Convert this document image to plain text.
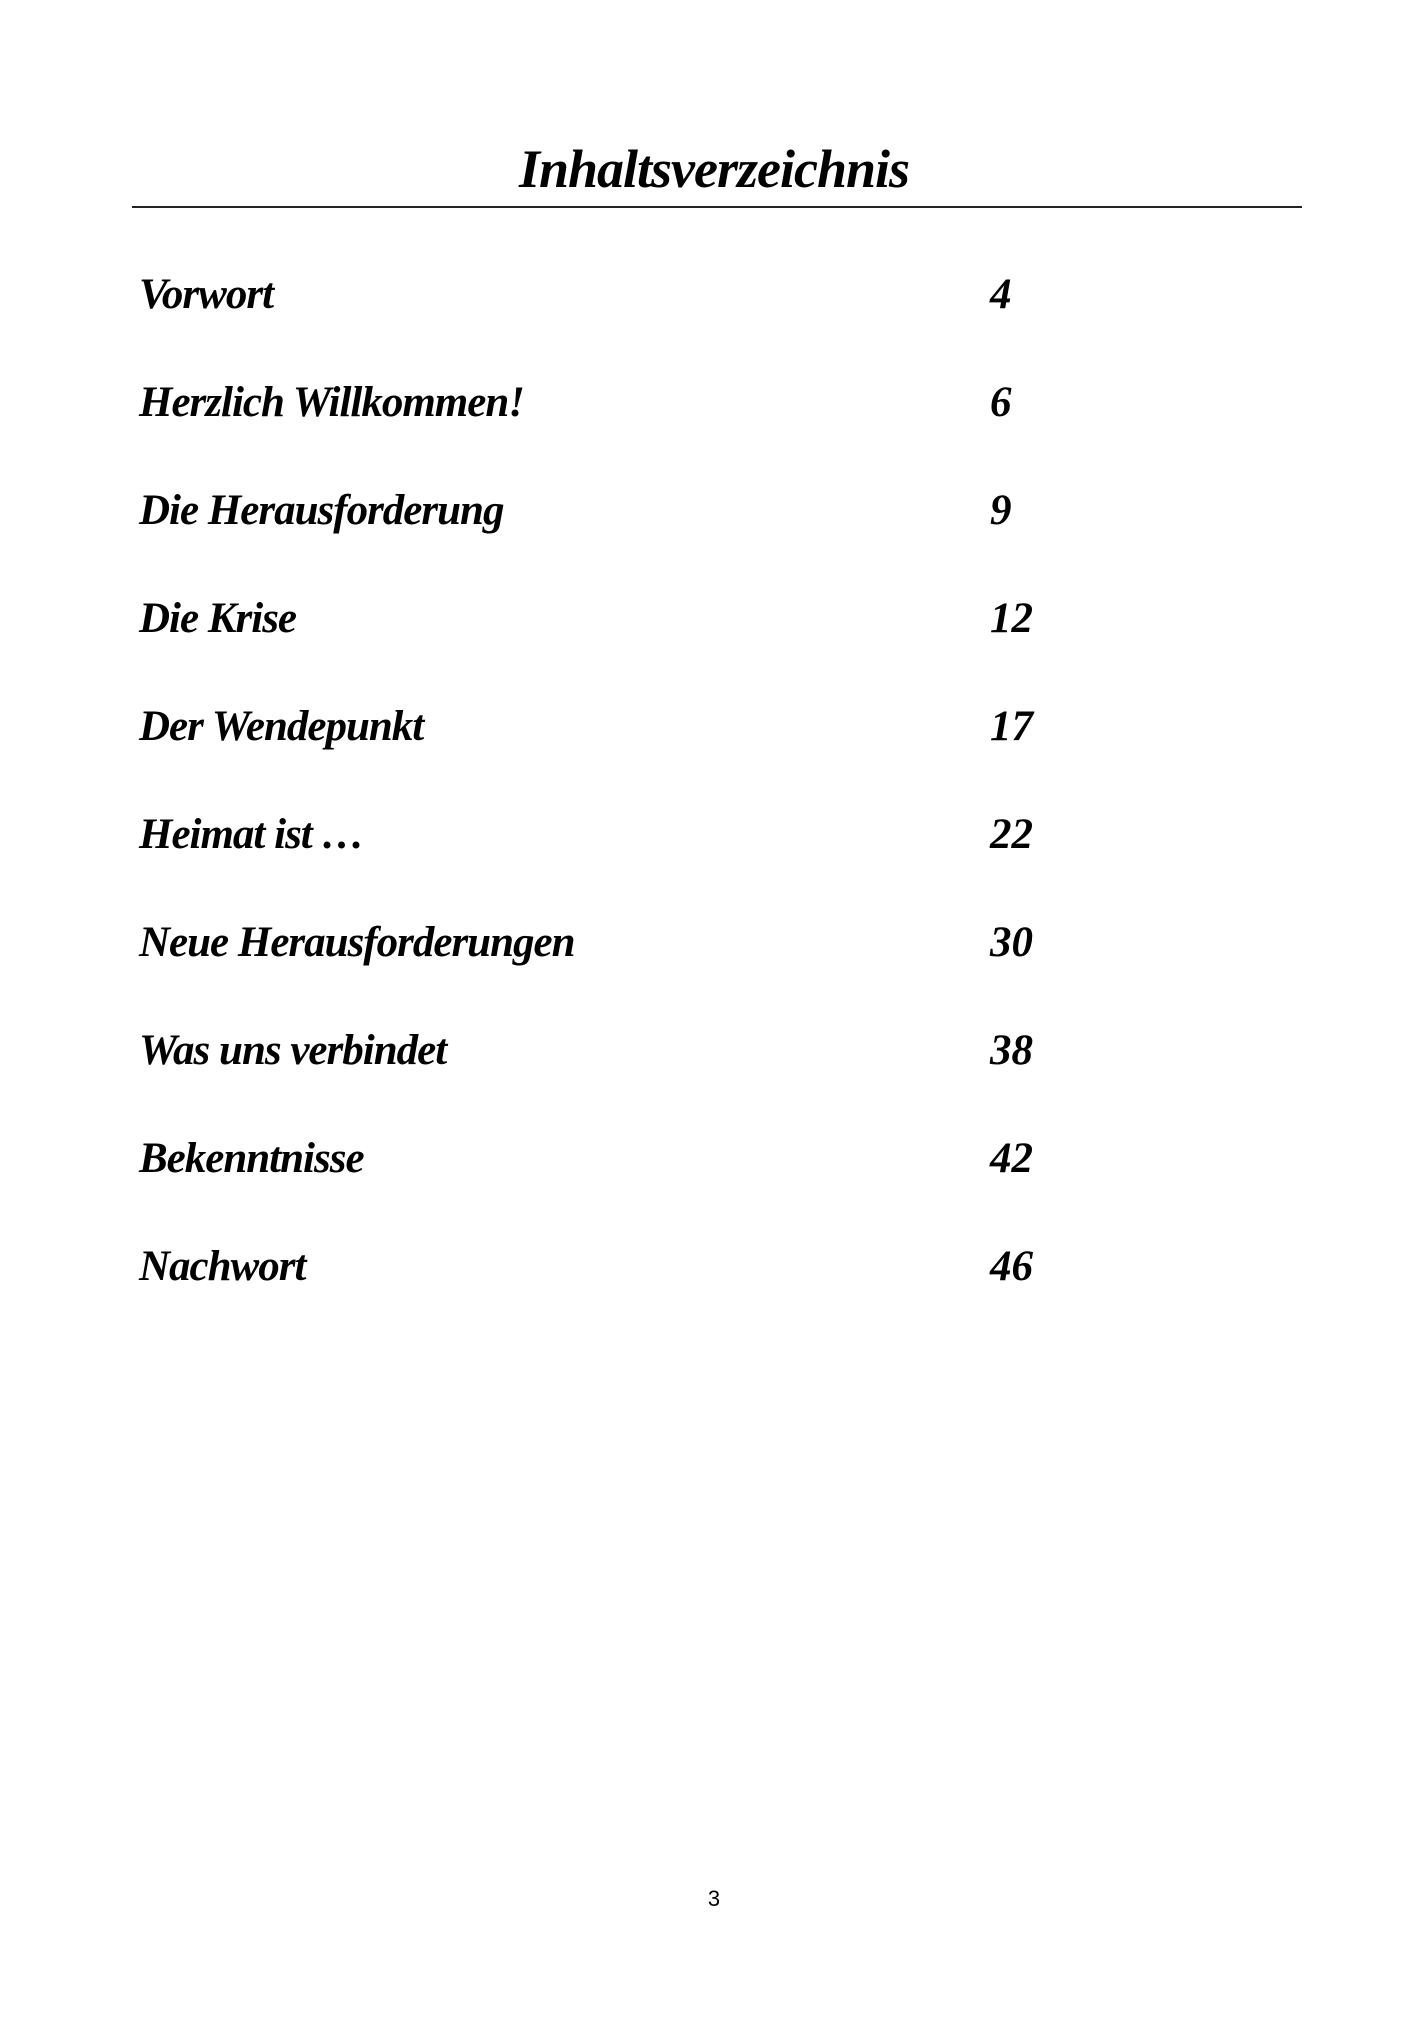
Inhaltsverzeichnis
Vorwort	4
Herzlich Willkommen!	6
Die Herausforderung	9
Die Krise	12
Der Wendepunkt	17
Heimat ist …	22
Neue Herausforderungen	30
Was uns verbindet	38
Bekenntnisse	42
Nachwort	46
3
